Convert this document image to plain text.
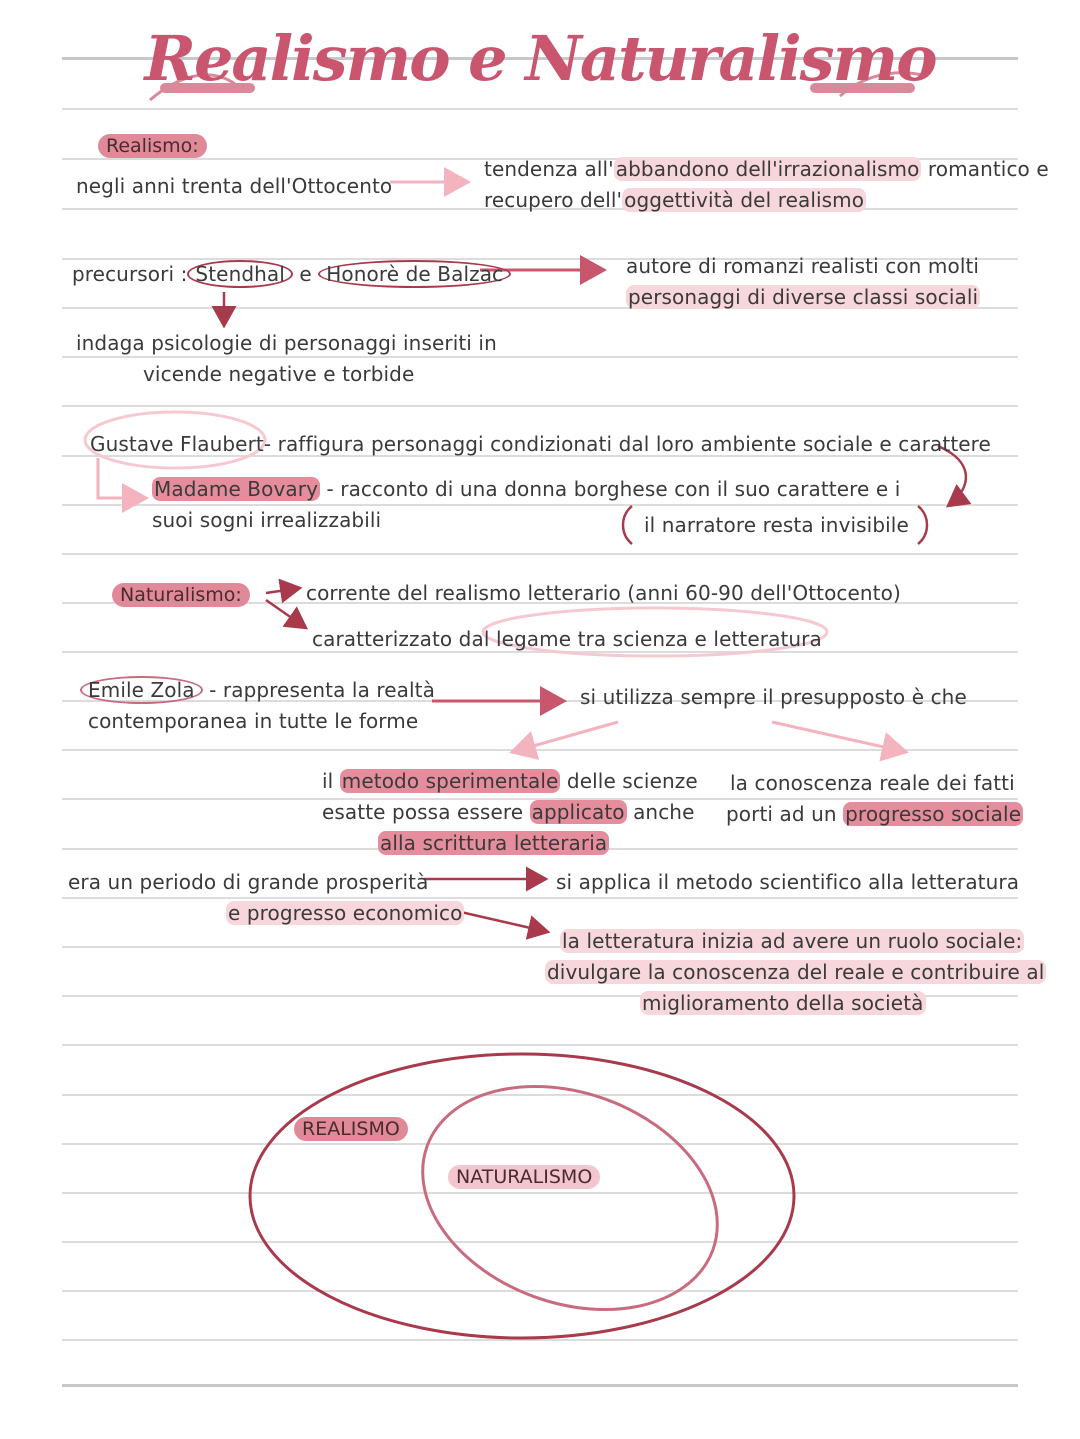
Realismo e Naturalismo
Realismo:
negli anni trenta dell'Ottocento
tendenza all' abbandono dell'irrazionalismo romantico e
recupero dell' oggettività del realismo
precursori : Stendhal e Honorè de Balzac	autore di romanzi realisti con molti
personaggi di diverse classi sociali
indaga psicologie di personaggi inseriti in
vicende negative e torbide
Gustave Flaubert- raffigura personaggi condizionati dal loro ambiente sociale e carattere
Madame Bovary - racconto di una donna borghese con il suo carattere e i
suoi sogni irrealizzabili	il narratore resta invisibile
Naturalismo:	corrente del realismo letterario (anni 60-90 dell'Ottocento)
caratterizzato dal legame tra scienza e letteratura
Emile Zola - rappresenta la realtà
contemporanea in tutte le forme
si utilizza sempre il presupposto è che
il metodo sperimentale delle scienze
esatte possa essere applicato anche
alla scrittura letteraria
la conoscenza reale dei fatti
porti ad un progresso sociale
era un periodo di grande prosperità
e progresso economico
si applica il metodo scientifico alla letteratura
la letteratura inizia ad avere un ruolo sociale:
divulgare la conoscenza del reale e contribuire al
miglioramento della società
REALISMO
NATURALISMO
